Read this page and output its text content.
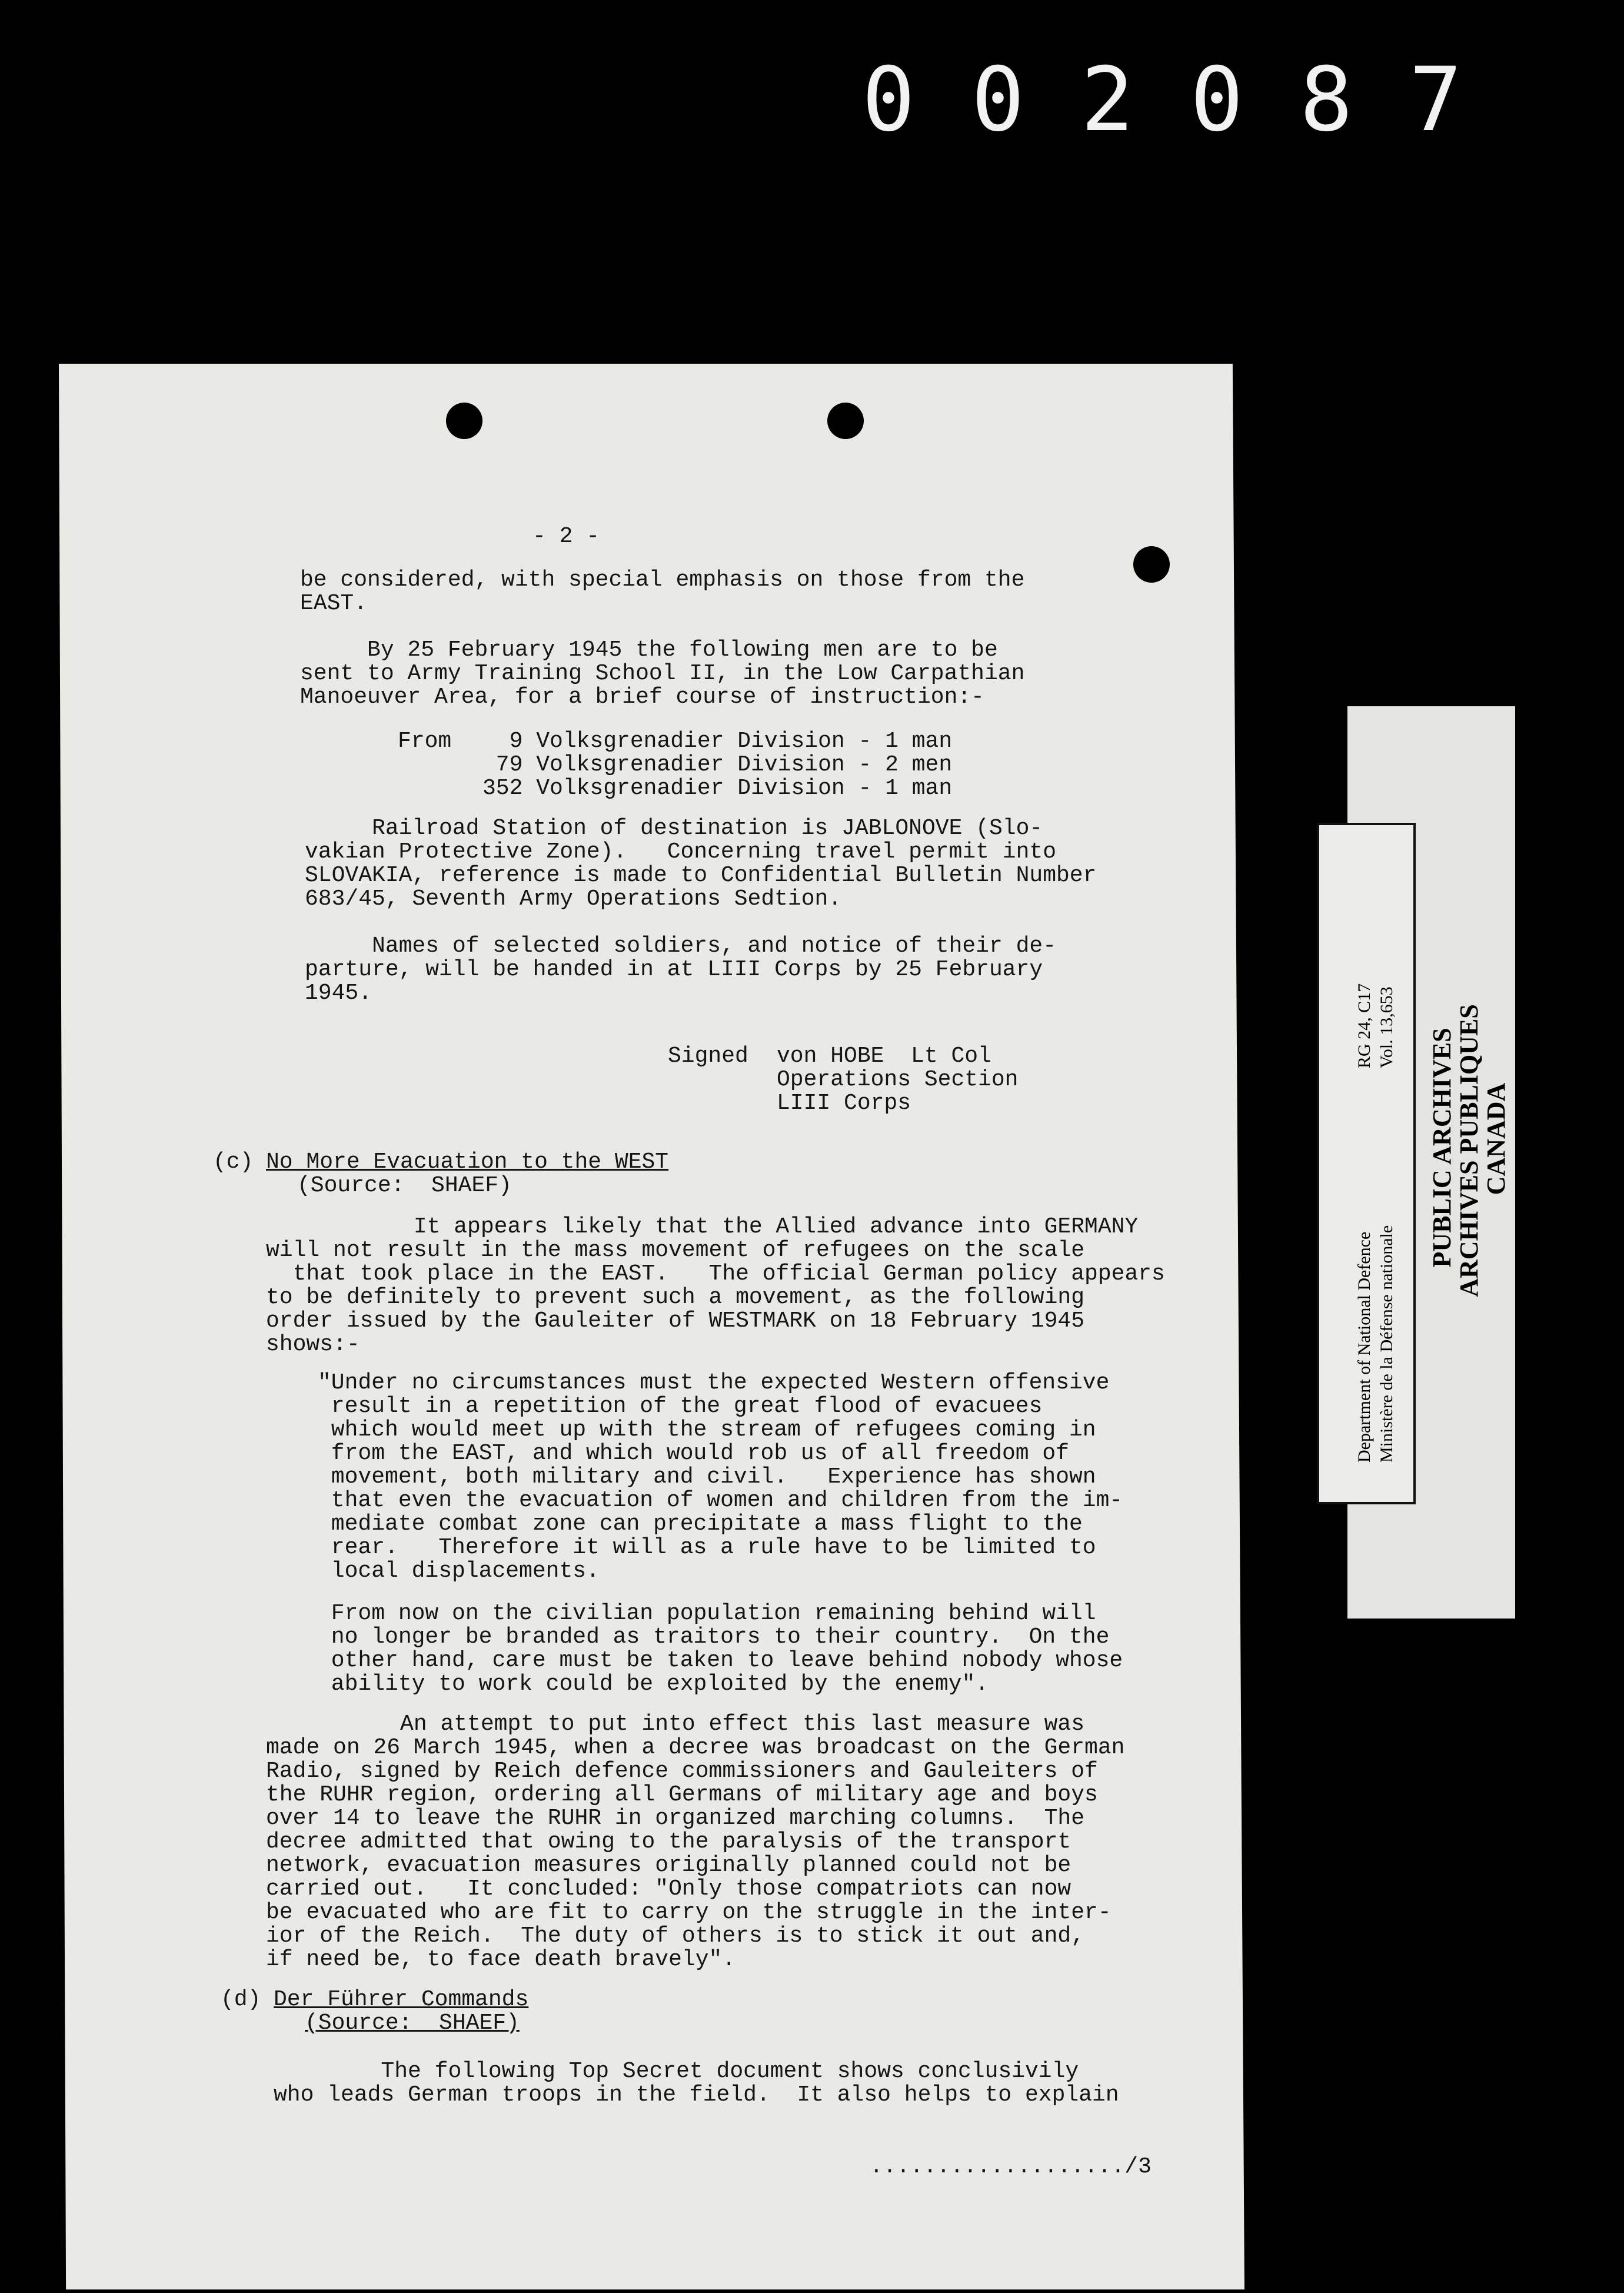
0 0 2 0 8 7
- 2 -
be considered, with special emphasis on those from the
EAST.
By 25 February 1945 the following men are to be
sent to Army Training School II, in the Low Carpathian
Manoeuver Area, for a brief course of instruction:-
From 9 Volksgrenadier Division - 1 man
79 Volksgrenadier Division - 2 men
352 Volksgrenadier Division - 1 man
Railroad Station of destination is JABLONOVE (Slo-
vakian Protective Zone).   Concerning travel permit into
SLOVAKIA, reference is made to Confidential Bulletin Number
683/45, Seventh Army Operations Sedtion.
Names of selected soldiers, and notice of their de-
parture, will be handed in at LIII Corps by 25 February
1945.
Signed von HOBE  Lt Col
Operations Section
LIII Corps
(c) No More Evacuation to the WEST
(Source:  SHAEF)
It appears likely that the Allied advance into GERMANY
will not result in the mass movement of refugees on the scale
that took place in the EAST.   The official German policy appears
to be definitely to prevent such a movement, as the following
order issued by the Gauleiter of WESTMARK on 18 February 1945
shows:-
"Under no circumstances must the expected Western offensive
result in a repetition of the great flood of evacuees
which would meet up with the stream of refugees coming in
from the EAST, and which would rob us of all freedom of
movement, both military and civil.   Experience has shown
that even the evacuation of women and children from the im-
mediate combat zone can precipitate a mass flight to the
rear.   Therefore it will as a rule have to be limited to
local displacements.
From now on the civilian population remaining behind will
no longer be branded as traitors to their country.  On the
other hand, care must be taken to leave behind nobody whose
ability to work could be exploited by the enemy".
An attempt to put into effect this last measure was
made on 26 March 1945, when a decree was broadcast on the German
Radio, signed by Reich defence commissioners and Gauleiters of
the RUHR region, ordering all Germans of military age and boys
over 14 to leave the RUHR in organized marching columns.  The
decree admitted that owing to the paralysis of the transport
network, evacuation measures originally planned could not be
carried out.   It concluded: "Only those compatriots can now
be evacuated who are fit to carry on the struggle in the inter-
ior of the Reich.  The duty of others is to stick it out and,
if need be, to face death bravely".
(d) Der Führer Commands
(Source:  SHAEF)
The following Top Secret document shows conclusivily
who leads German troops in the field.  It also helps to explain
.................../3
Department of National Defence Ministère de la Défense nationale
RG 24, C17 Vol. 13,653
PUBLIC ARCHIVES
ARCHIVES PUBLIQUES
CANADA
